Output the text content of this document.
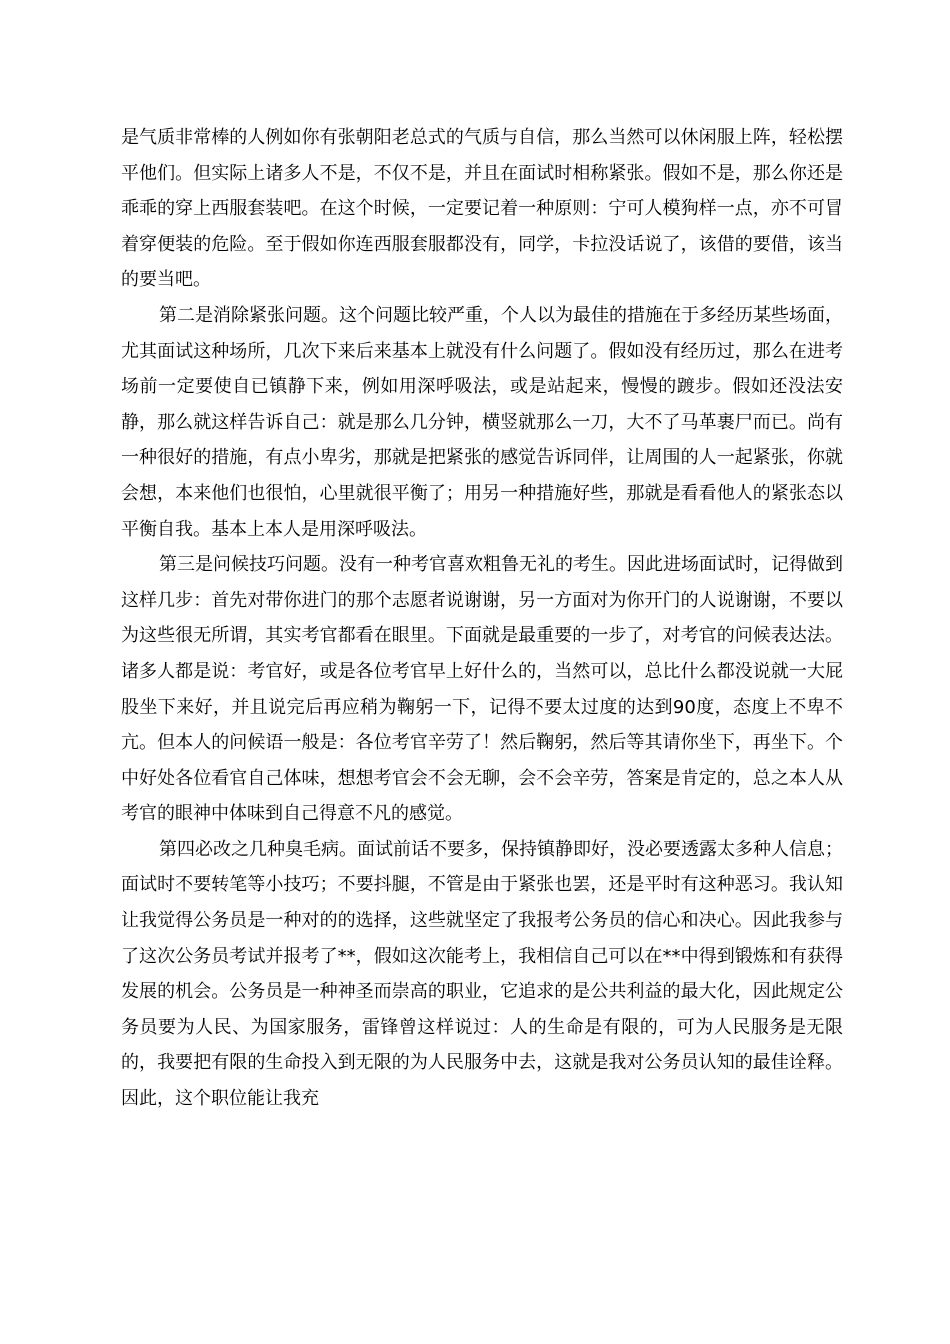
是气质非常棒的人例如你有张朝阳老总式的气质与自信，那么当然可以休闲服上阵，轻松摆平他们。但实际上诸多人不是，不仅不是，并且在面试时相称紧张。假如不是，那么你还是乖乖的穿上西服套装吧。在这个时候，一定要记着一种原则：宁可人模狗样一点，亦不可冒着穿便装的危险。至于假如你连西服套服都没有，同学，卡拉没话说了，该借的要借，该当的要当吧。

第二是消除紧张问题。这个问题比较严重，个人以为最佳的措施在于多经历某些场面，尤其面试这种场所，几次下来后来基本上就没有什么问题了。假如没有经历过，那么在进考场前一定要使自已镇静下来，例如用深呼吸法，或是站起来，慢慢的踱步。假如还没法安静，那么就这样告诉自己：就是那么几分钟，横竖就那么一刀，大不了马革裹尸而已。尚有一种很好的措施，有点小卑劣，那就是把紧张的感觉告诉同伴，让周围的人一起紧张，你就会想，本来他们也很怕，心里就很平衡了；用另一种措施好些，那就是看看他人的紧张态以平衡自我。基本上本人是用深呼吸法。

第三是问候技巧问题。没有一种考官喜欢粗鲁无礼的考生。因此进场面试时，记得做到这样几步：首先对带你进门的那个志愿者说谢谢，另一方面对为你开门的人说谢谢，不要以为这些很无所谓，其实考官都看在眼里。下面就是最重要的一步了，对考官的问候表达法。诸多人都是说：考官好，或是各位考官早上好什么的，当然可以，总比什么都没说就一大屁股坐下来好，并且说完后再应稍为鞠躬一下，记得不要太过度的达到90度，态度上不卑不亢。但本人的问候语一般是：各位考官辛劳了！然后鞠躬，然后等其请你坐下，再坐下。个中好处各位看官自己体味，想想考官会不会无聊，会不会辛劳，答案是肯定的，总之本人从考官的眼神中体味到自己得意不凡的感觉。

第四必改之几种臭毛病。面试前话不要多，保持镇静即好，没必要透露太多种人信息；面试时不要转笔等小技巧；不要抖腿，不管是由于紧张也罢，还是平时有这种恶习。我认知让我觉得公务员是一种对的的选择，这些就坚定了我报考公务员的信心和决心。因此我参与了这次公务员考试并报考了**，假如这次能考上，我相信自己可以在**中得到锻炼和有获得发展的机会。公务员是一种神圣而崇高的职业，它追求的是公共利益的最大化，因此规定公务员要为人民、为国家服务，雷锋曾这样说过：人的生命是有限的，可为人民服务是无限的，我要把有限的生命投入到无限的为人民服务中去，这就是我对公务员认知的最佳诠释。因此，这个职位能让我充
